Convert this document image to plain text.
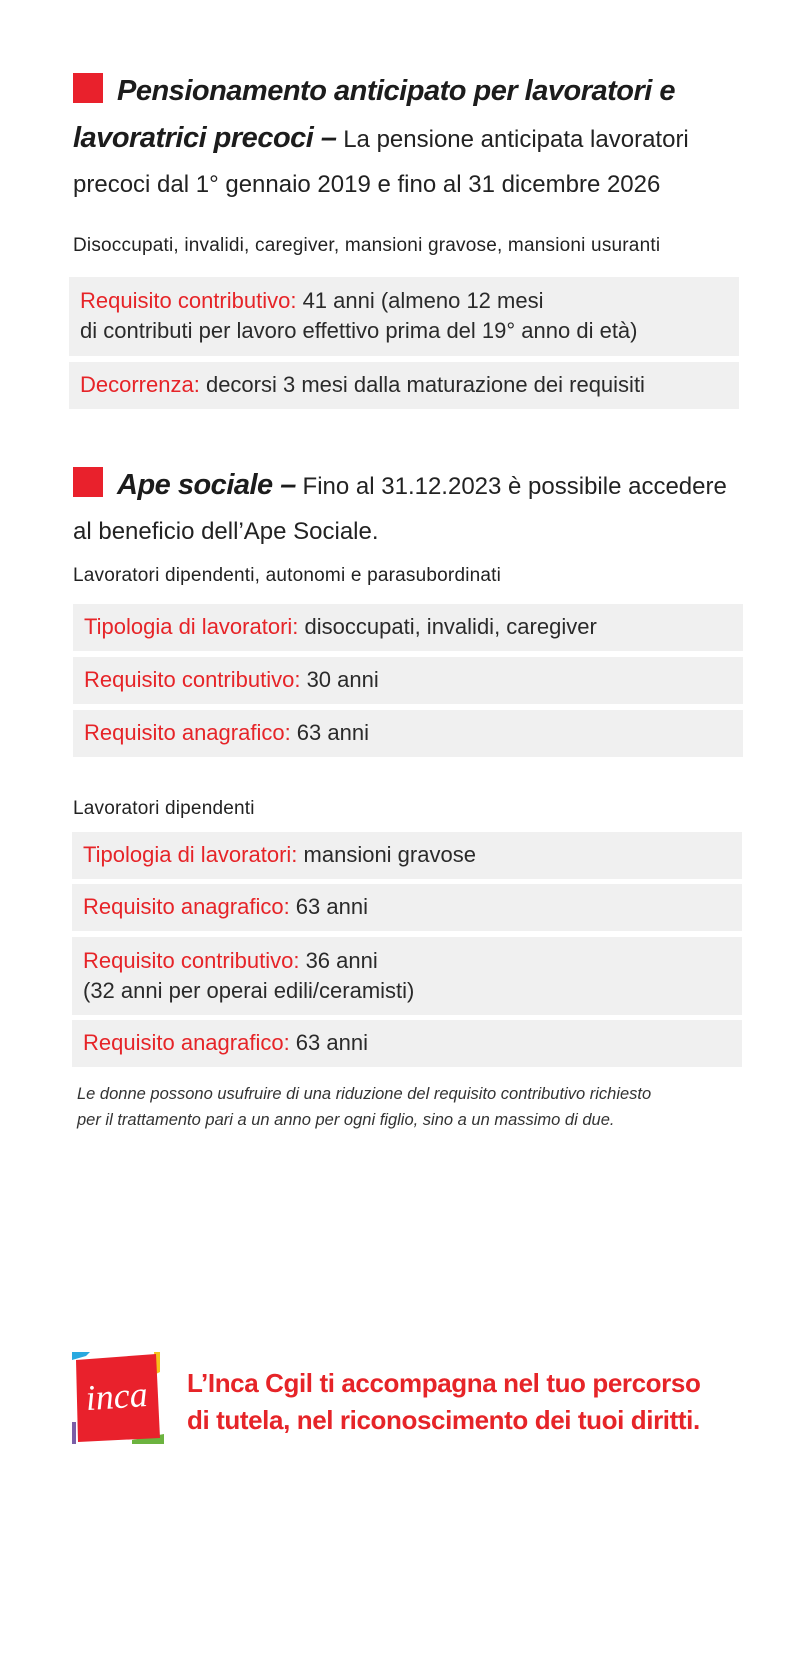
Pensionamento anticipato per lavoratori e

lavoratrici precoci – La pensione anticipata lavoratori

precoci dal 1° gennaio 2019 e fino al 31 dicembre 2026

Disoccupati, invalidi, caregiver, mansioni gravose, mansioni usuranti
Requisito contributivo: 41 anni (almeno 12 mesi
di contributi per lavoro effettivo prima del 19° anno di età)
Decorrenza: decorsi 3 mesi dalla maturazione dei requisiti

Ape sociale – Fino al 31.12.2023 è possibile accedere

al beneficio dell’Ape Sociale.

Lavoratori dipendenti, autonomi e parasubordinati
Tipologia di lavoratori: disoccupati, invalidi, caregiver
Requisito contributivo: 30 anni
Requisito anagrafico: 63 anni
Lavoratori dipendenti
Tipologia di lavoratori: mansioni gravose
Requisito anagrafico: 63 anni
Requisito contributivo: 36 anni
(32 anni per operai edili/ceramisti)
Requisito anagrafico: 63 anni
Le donne possono usufruire di una riduzione del requisito contributivo richiesto
per il trattamento pari a un anno per ogni figlio, sino a un massimo di due.
inca L’Inca Cgil ti accompagna nel tuo percorso
di tutela, nel riconoscimento dei tuoi diritti.
